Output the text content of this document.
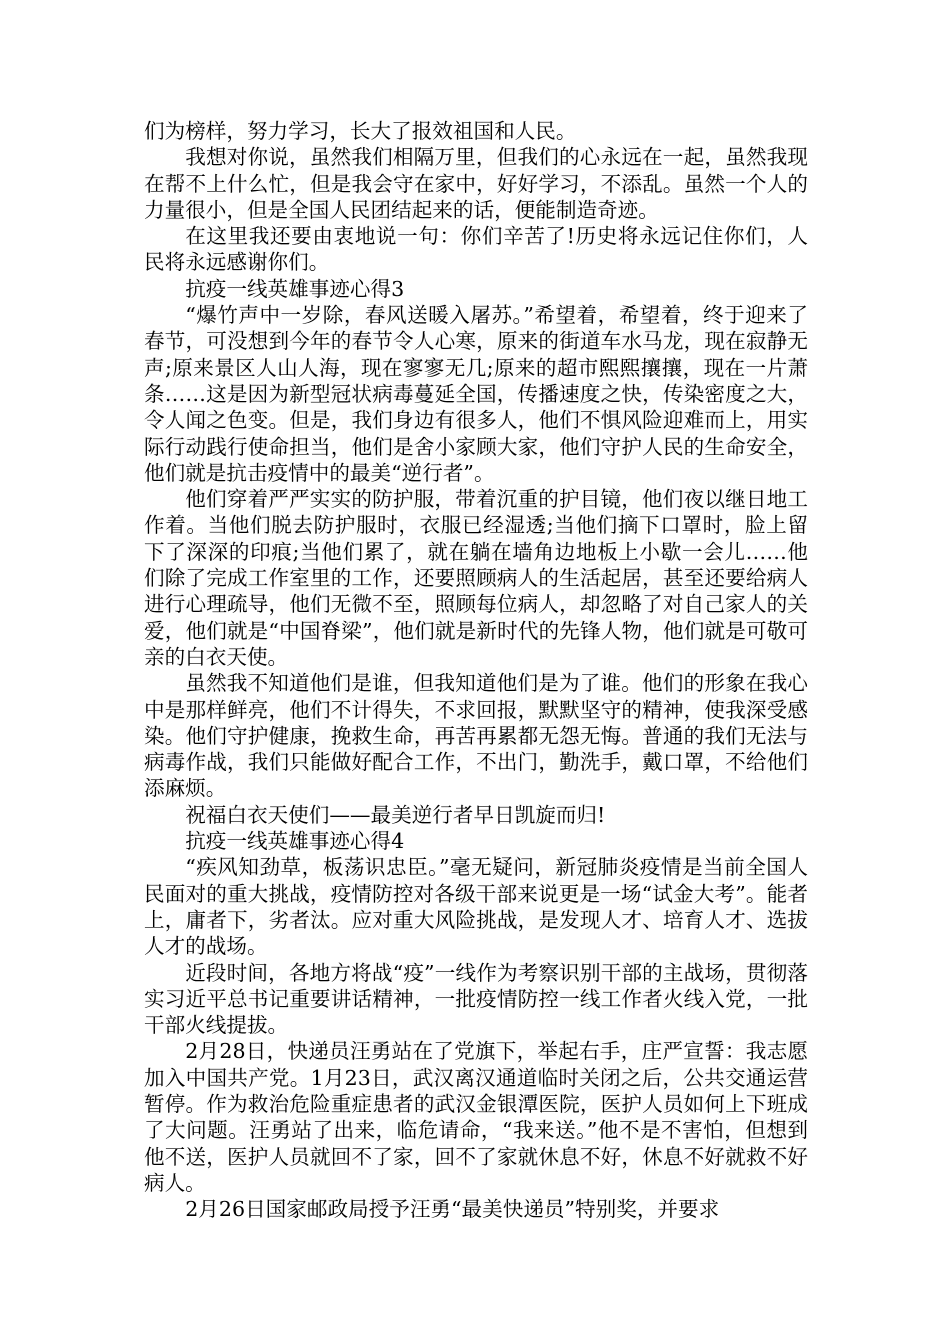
们为榜样，努力学习，长大了报效祖国和人民。

我想对你说，虽然我们相隔万里，但我们的心永远在一起，虽然我现在帮不上什么忙，但是我会守在家中，好好学习，不添乱。虽然一个人的力量很小，但是全国人民团结起来的话，便能制造奇迹。

在这里我还要由衷地说一句：你们辛苦了!历史将永远记住你们，人民将永远感谢你们。

抗疫一线英雄事迹心得3

“爆竹声中一岁除，春风送暖入屠苏。”希望着，希望着，终于迎来了春节，可没想到今年的春节令人心寒，原来的街道车水马龙，现在寂静无声;原来景区人山人海，现在寥寥无几;原来的超市熙熙攘攘，现在一片萧条……这是因为新型冠状病毒蔓延全国，传播速度之快，传染密度之大，令人闻之色变。但是，我们身边有很多人，他们不惧风险迎难而上，用实际行动践行使命担当，他们是舍小家顾大家，他们守护人民的生命安全，他们就是抗击疫情中的最美“逆行者”。

他们穿着严严实实的防护服，带着沉重的护目镜，他们夜以继日地工作着。当他们脱去防护服时，衣服已经湿透;当他们摘下口罩时，脸上留下了深深的印痕;当他们累了，就在躺在墙角边地板上小歇一会儿……他们除了完成工作室里的工作，还要照顾病人的生活起居，甚至还要给病人进行心理疏导，他们无微不至，照顾每位病人，却忽略了对自己家人的关爱，他们就是“中国脊梁”，他们就是新时代的先锋人物，他们就是可敬可亲的白衣天使。

虽然我不知道他们是谁，但我知道他们是为了谁。他们的形象在我心中是那样鲜亮，他们不计得失，不求回报，默默坚守的精神，使我深受感染。他们守护健康，挽救生命，再苦再累都无怨无悔。普通的我们无法与病毒作战，我们只能做好配合工作，不出门，勤洗手，戴口罩，不给他们添麻烦。

祝福白衣天使们——最美逆行者早日凯旋而归!

抗疫一线英雄事迹心得4

“疾风知劲草，板荡识忠臣。”毫无疑问，新冠肺炎疫情是当前全国人民面对的重大挑战，疫情防控对各级干部来说更是一场“试金大考”。能者上，庸者下，劣者汰。应对重大风险挑战，是发现人才、培育人才、选拔人才的战场。

近段时间，各地方将战“疫”一线作为考察识别干部的主战场，贯彻落实习近平总书记重要讲话精神，一批疫情防控一线工作者火线入党，一批干部火线提拔。

2月28日，快递员汪勇站在了党旗下，举起右手，庄严宣誓：我志愿加入中国共产党。1月23日，武汉离汉通道临时关闭之后，公共交通运营暂停。作为救治危险重症患者的武汉金银潭医院，医护人员如何上下班成了大问题。汪勇站了出来，临危请命，“我来送。”他不是不害怕，但想到他不送，医护人员就回不了家，回不了家就休息不好，休息不好就救不好病人。

2月26日国家邮政局授予汪勇“最美快递员”特别奖，并要求
